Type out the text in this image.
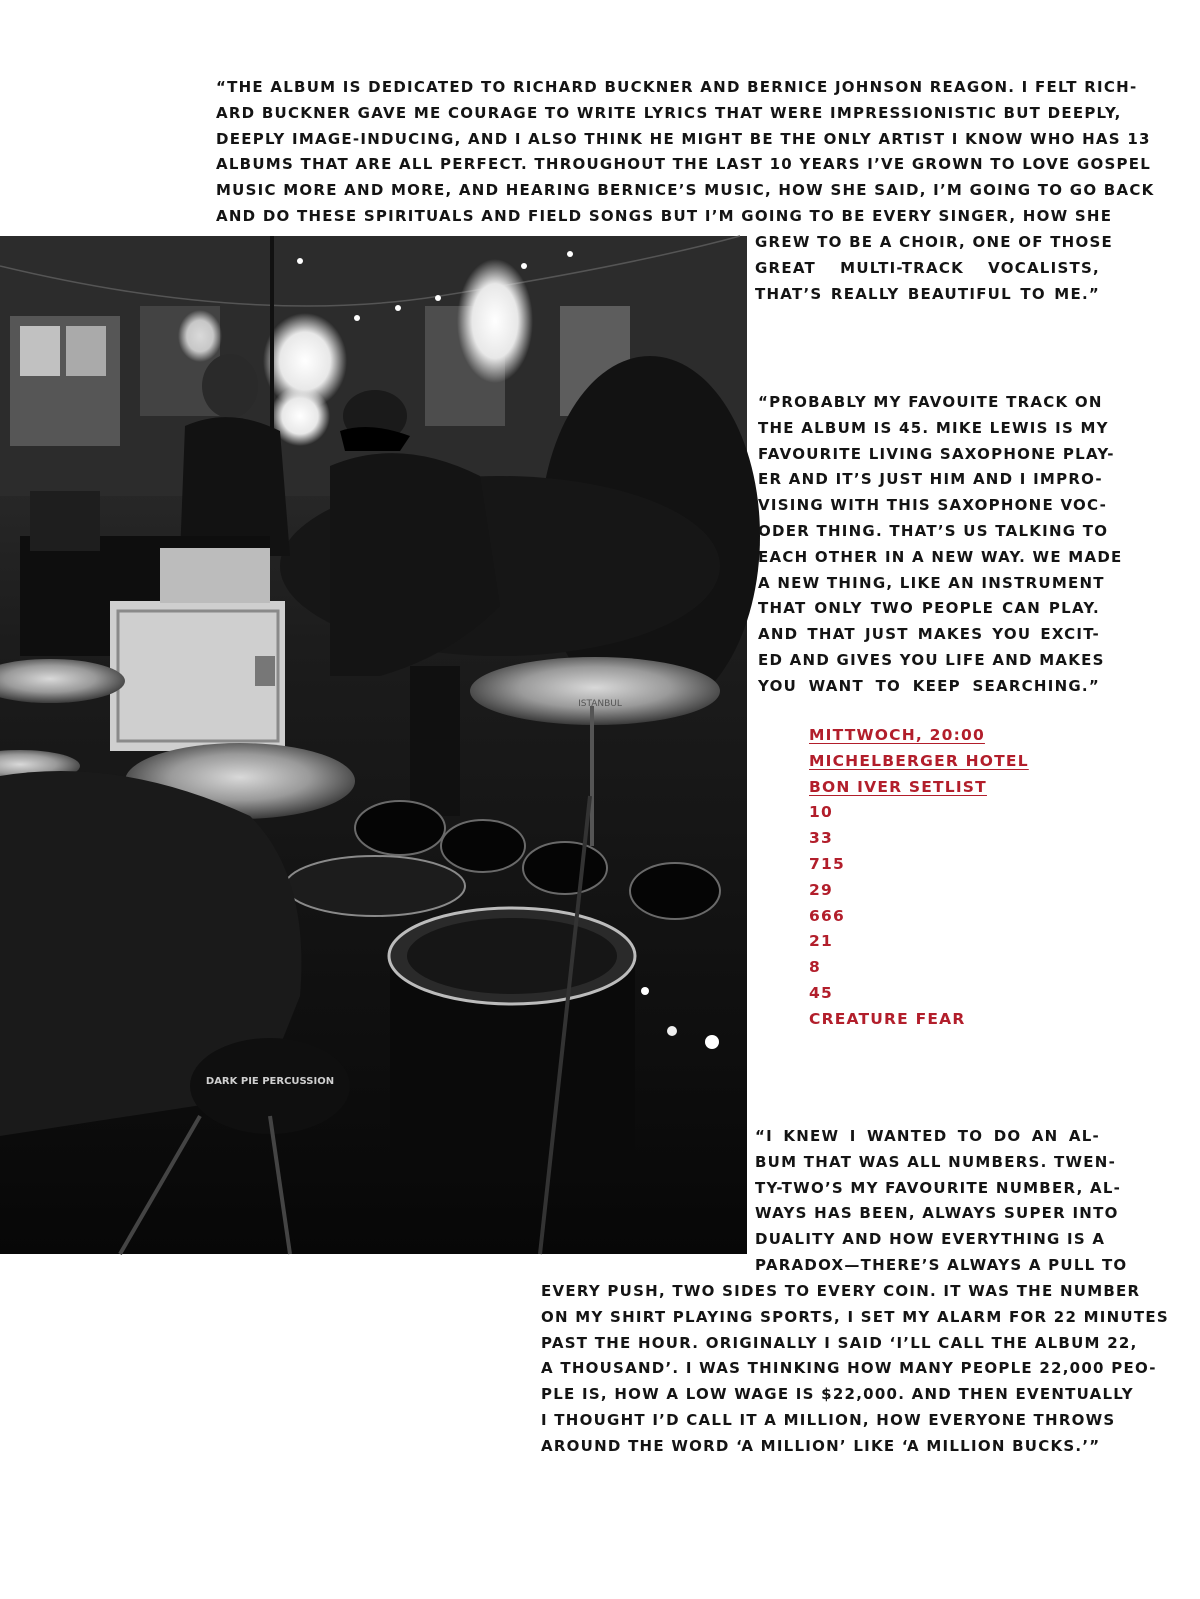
“THE ALBUM IS DEDICATED TO RICHARD BUCKNER AND BERNICE JOHNSON REAGON. I FELT RICH-
ARD BUCKNER GAVE ME COURAGE TO WRITE LYRICS THAT WERE IMPRESSIONISTIC BUT DEEPLY,
DEEPLY IMAGE-INDUCING, AND I ALSO THINK HE MIGHT BE THE ONLY ARTIST I KNOW WHO HAS 13
ALBUMS THAT ARE ALL PERFECT. THROUGHOUT THE LAST 10 YEARS I’VE GROWN TO LOVE GOSPEL
MUSIC MORE AND MORE, AND HEARING BERNICE’S MUSIC, HOW SHE SAID, I’M GOING TO GO BACK
AND DO THESE SPIRITUALS AND FIELD SONGS BUT I’M GOING TO BE EVERY SINGER, HOW SHE
GREW TO BE A CHOIR, ONE OF THOSE
GREAT MULTI-TRACK VOCALISTS,
THAT’S REALLY BEAUTIFUL TO ME.”
DARK PIE PERCUSSION
ISTANBUL
“PROBABLY MY FAVOUITE TRACK ON
THE ALBUM IS 45. MIKE LEWIS IS MY
FAVOURITE LIVING SAXOPHONE PLAY-
ER AND IT’S JUST HIM AND I IMPRO-
VISING WITH THIS SAXOPHONE VOC-
ODER THING. THAT’S US TALKING TO
EACH OTHER IN A NEW WAY. WE MADE
A NEW THING, LIKE AN INSTRUMENT
THAT ONLY TWO PEOPLE CAN PLAY.
AND THAT JUST MAKES YOU EXCIT-
ED AND GIVES YOU LIFE AND MAKES
YOU WANT TO KEEP SEARCHING.”
MITTWOCH, 20:00
MICHELBERGER HOTEL
BON IVER SETLIST
10
33
715
29
666
21
8
45
CREATURE FEAR
“I KNEW I WANTED TO DO AN AL-
BUM THAT WAS ALL NUMBERS. TWEN-
TY-TWO’S MY FAVOURITE NUMBER, AL-
WAYS HAS BEEN, ALWAYS SUPER INTO
DUALITY AND HOW EVERYTHING IS A
PARADOX—THERE’S ALWAYS A PULL TO
EVERY PUSH, TWO SIDES TO EVERY COIN. IT WAS THE NUMBER
ON MY SHIRT PLAYING SPORTS, I SET MY ALARM FOR 22 MINUTES
PAST THE HOUR. ORIGINALLY I SAID ‘I’LL CALL THE ALBUM 22,
A THOUSAND’. I WAS THINKING HOW MANY PEOPLE 22,000 PEO-
PLE IS, HOW A LOW WAGE IS $22,000. AND THEN EVENTUALLY
I THOUGHT I’D CALL IT A MILLION, HOW EVERYONE THROWS
AROUND THE WORD ‘A MILLION’ LIKE ‘A MILLION BUCKS.’”
